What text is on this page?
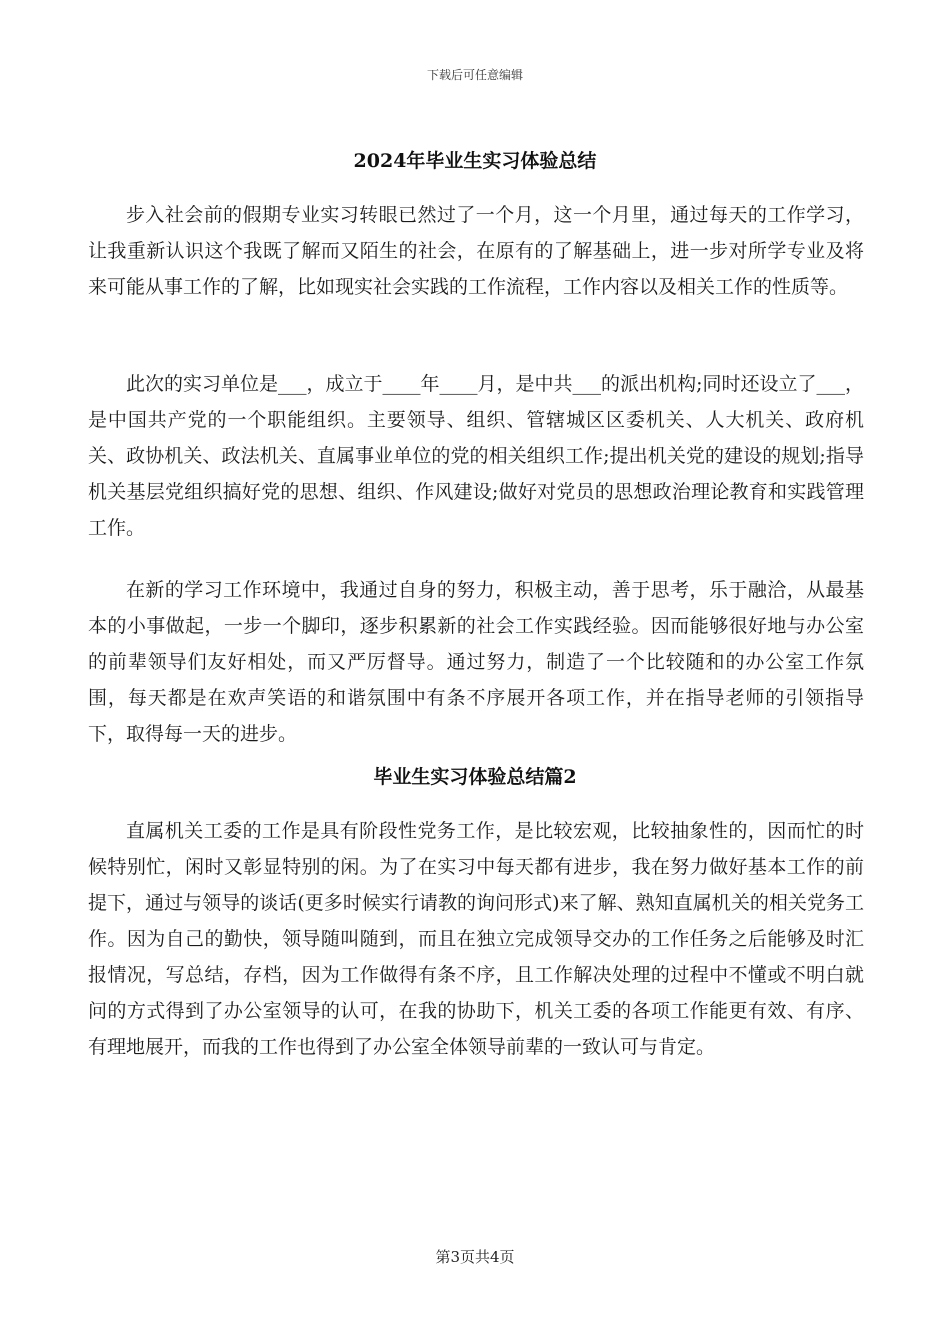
下载后可任意编辑
2024年毕业生实习体验总结

步入社会前的假期专业实习转眼已然过了一个月，这一个月里，通过每天的工作学习，让我重新认识这个我既了解而又陌生的社会，在原有的了解基础上，进一步对所学专业及将来可能从事工作的了解，比如现实社会实践的工作流程，工作内容以及相关工作的性质等。

此次的实习单位是___，成立于____年____月，是中共___的派出机构;同时还设立了___，是中国共产党的一个职能组织。主要领导、组织、管辖城区区委机关、人大机关、政府机关、政协机关、政法机关、直属事业单位的党的相关组织工作;提出机关党的建设的规划;指导机关基层党组织搞好党的思想、组织、作风建设;做好对党员的思想政治理论教育和实践管理工作。

在新的学习工作环境中，我通过自身的努力，积极主动，善于思考，乐于融洽，从最基本的小事做起，一步一个脚印，逐步积累新的社会工作实践经验。因而能够很好地与办公室的前辈领导们友好相处，而又严厉督导。通过努力，制造了一个比较随和的办公室工作氛围，每天都是在欢声笑语的和谐氛围中有条不序展开各项工作，并在指导老师的引领指导下，取得每一天的进步。

毕业生实习体验总结篇2

直属机关工委的工作是具有阶段性党务工作，是比较宏观，比较抽象性的，因而忙的时候特别忙，闲时又彰显特别的闲。为了在实习中每天都有进步，我在努力做好基本工作的前提下，通过与领导的谈话(更多时候实行请教的询问形式)来了解、熟知直属机关的相关党务工作。因为自己的勤快，领导随叫随到，而且在独立完成领导交办的工作任务之后能够及时汇报情况，写总结，存档，因为工作做得有条不序，且工作解决处理的过程中不懂或不明白就问的方式得到了办公室领导的认可，在我的协助下，机关工委的各项工作能更有效、有序、有理地展开，而我的工作也得到了办公室全体领导前辈的一致认可与肯定。

第3页共4页
